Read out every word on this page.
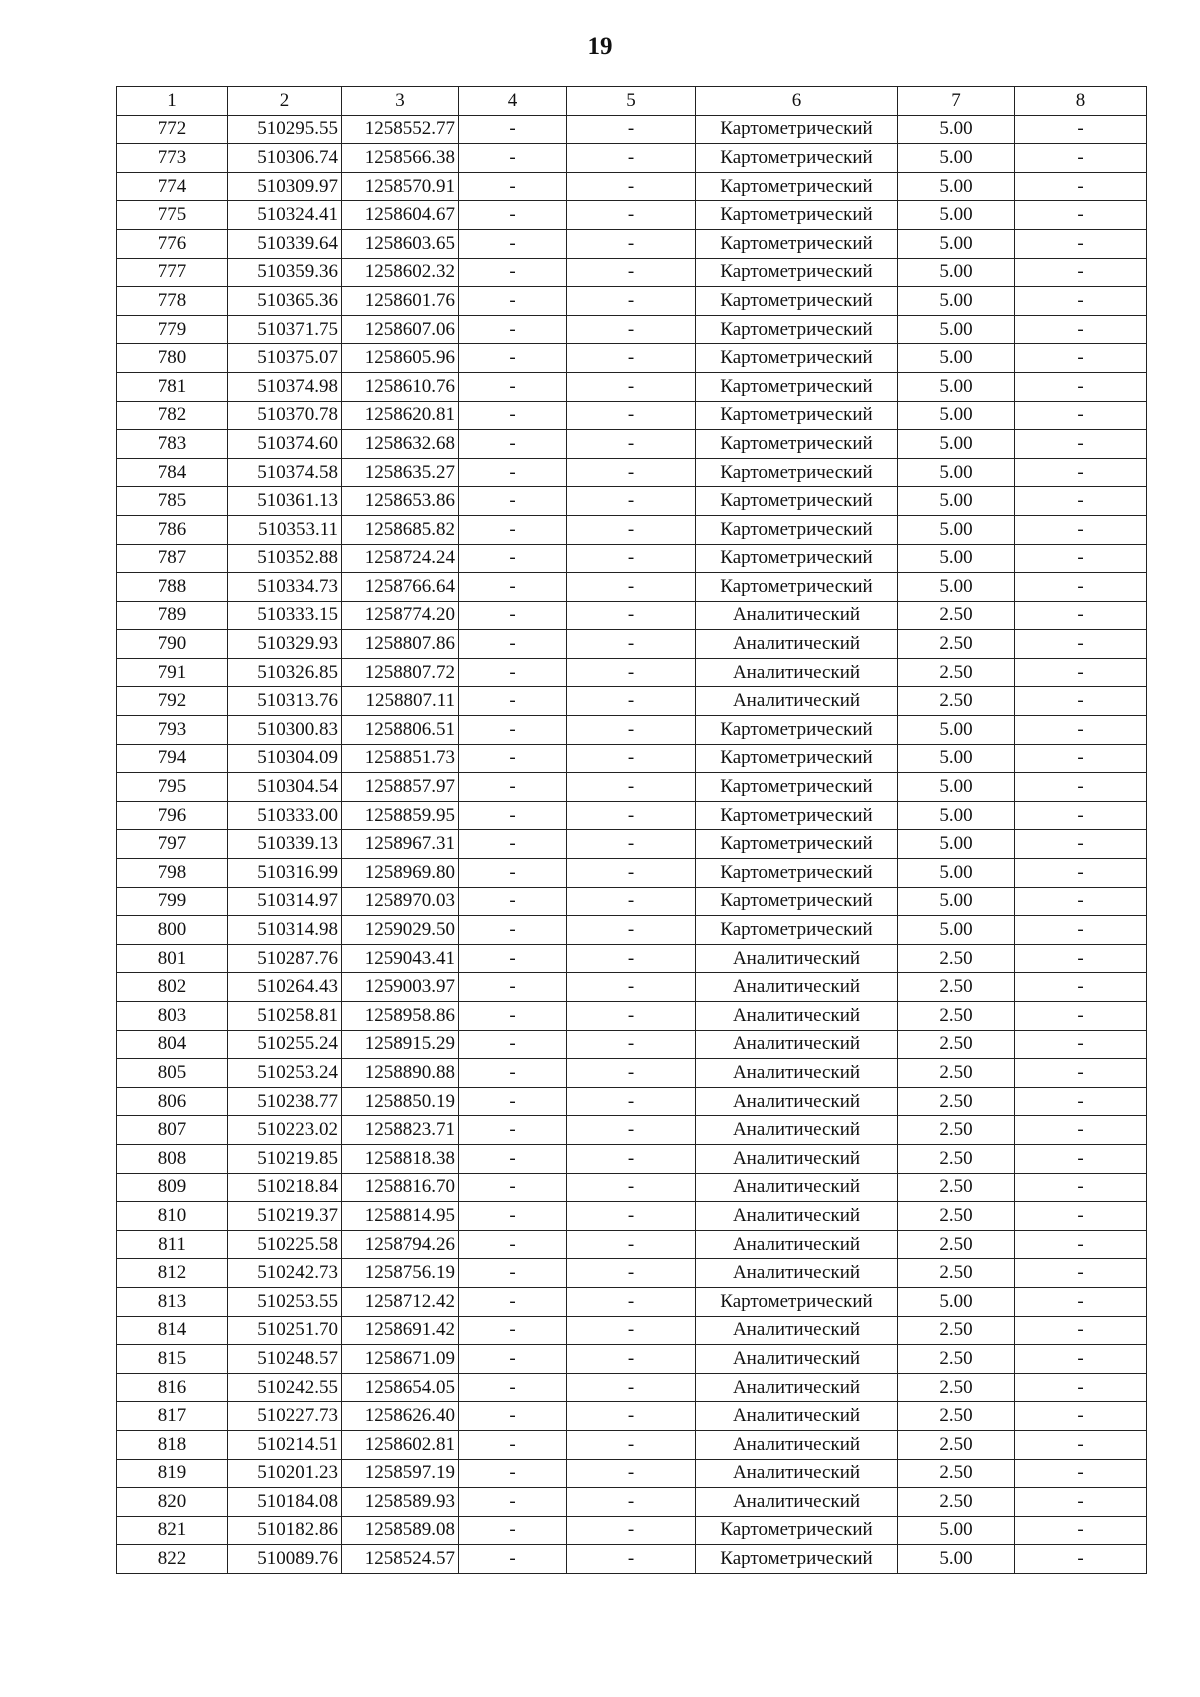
19
1	2	3	4	5	6	7	8
772	510295.55	1258552.77	-	-	Картометрический	5.00	-
773	510306.74	1258566.38	-	-	Картометрический	5.00	-
774	510309.97	1258570.91	-	-	Картометрический	5.00	-
775	510324.41	1258604.67	-	-	Картометрический	5.00	-
776	510339.64	1258603.65	-	-	Картометрический	5.00	-
777	510359.36	1258602.32	-	-	Картометрический	5.00	-
778	510365.36	1258601.76	-	-	Картометрический	5.00	-
779	510371.75	1258607.06	-	-	Картометрический	5.00	-
780	510375.07	1258605.96	-	-	Картометрический	5.00	-
781	510374.98	1258610.76	-	-	Картометрический	5.00	-
782	510370.78	1258620.81	-	-	Картометрический	5.00	-
783	510374.60	1258632.68	-	-	Картометрический	5.00	-
784	510374.58	1258635.27	-	-	Картометрический	5.00	-
785	510361.13	1258653.86	-	-	Картометрический	5.00	-
786	510353.11	1258685.82	-	-	Картометрический	5.00	-
787	510352.88	1258724.24	-	-	Картометрический	5.00	-
788	510334.73	1258766.64	-	-	Картометрический	5.00	-
789	510333.15	1258774.20	-	-	Аналитический	2.50	-
790	510329.93	1258807.86	-	-	Аналитический	2.50	-
791	510326.85	1258807.72	-	-	Аналитический	2.50	-
792	510313.76	1258807.11	-	-	Аналитический	2.50	-
793	510300.83	1258806.51	-	-	Картометрический	5.00	-
794	510304.09	1258851.73	-	-	Картометрический	5.00	-
795	510304.54	1258857.97	-	-	Картометрический	5.00	-
796	510333.00	1258859.95	-	-	Картометрический	5.00	-
797	510339.13	1258967.31	-	-	Картометрический	5.00	-
798	510316.99	1258969.80	-	-	Картометрический	5.00	-
799	510314.97	1258970.03	-	-	Картометрический	5.00	-
800	510314.98	1259029.50	-	-	Картометрический	5.00	-
801	510287.76	1259043.41	-	-	Аналитический	2.50	-
802	510264.43	1259003.97	-	-	Аналитический	2.50	-
803	510258.81	1258958.86	-	-	Аналитический	2.50	-
804	510255.24	1258915.29	-	-	Аналитический	2.50	-
805	510253.24	1258890.88	-	-	Аналитический	2.50	-
806	510238.77	1258850.19	-	-	Аналитический	2.50	-
807	510223.02	1258823.71	-	-	Аналитический	2.50	-
808	510219.85	1258818.38	-	-	Аналитический	2.50	-
809	510218.84	1258816.70	-	-	Аналитический	2.50	-
810	510219.37	1258814.95	-	-	Аналитический	2.50	-
811	510225.58	1258794.26	-	-	Аналитический	2.50	-
812	510242.73	1258756.19	-	-	Аналитический	2.50	-
813	510253.55	1258712.42	-	-	Картометрический	5.00	-
814	510251.70	1258691.42	-	-	Аналитический	2.50	-
815	510248.57	1258671.09	-	-	Аналитический	2.50	-
816	510242.55	1258654.05	-	-	Аналитический	2.50	-
817	510227.73	1258626.40	-	-	Аналитический	2.50	-
818	510214.51	1258602.81	-	-	Аналитический	2.50	-
819	510201.23	1258597.19	-	-	Аналитический	2.50	-
820	510184.08	1258589.93	-	-	Аналитический	2.50	-
821	510182.86	1258589.08	-	-	Картометрический	5.00	-
822	510089.76	1258524.57	-	-	Картометрический	5.00	-
